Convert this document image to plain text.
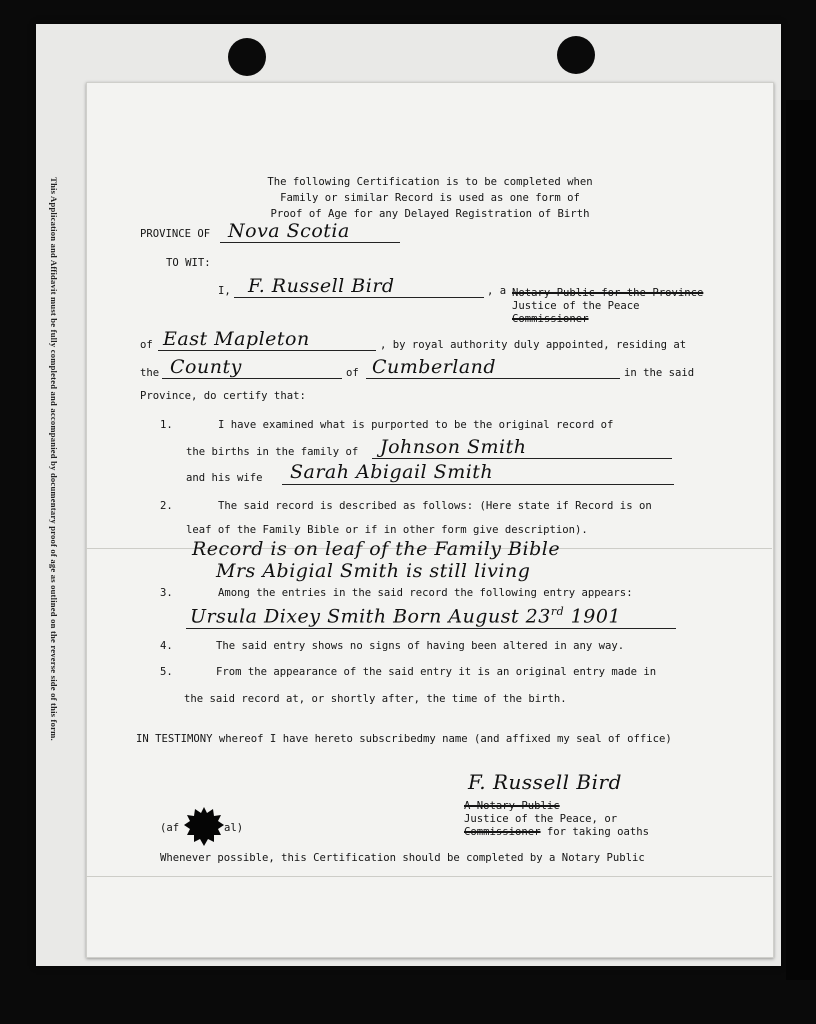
This Application and Affidavit must be fully completed and accompanied by documentary proof of age as outlined on the reverse side of this form.	The following Certification is to be completed when
Family or similar Record is used as one form of
Proof of Age for any Delayed Registration of Birth
PROVINCE OF Nova Scotia
TO WIT:
I, F. Russell Bird	, a Notary Public for the Province
Justice of the Peace
Commissioner
of East Mapleton	, by royal authority duly appointed, residing at
the County	of Cumberland	in the said
Province, do certify that:
1.	I have examined what is purported to be the original record of
the births in the family of Johnson Smith
and his wife Sarah Abigail Smith
2.	The said record is described as follows: (Here state if Record is on
leaf of the Family Bible or if in other form give description).
Record is on leaf of the Family Bible
Mrs Abigial Smith is still living
3.	Among the entries in the said record the following entry appears:
Ursula Dixey Smith Born August 23rd 1901
4.	The said entry shows no signs of having been altered in any way.
5.	From the appearance of the said entry it is an original entry made in
the said record at, or shortly after, the time of the birth.
IN TESTIMONY whereof I have hereto subscribedmy name (and affixed my seal of office)
F. Russell Bird
A Notary Public
Justice of the Peace, or
Commissioner for taking oaths
(af	al)
Whenever possible, this Certification should be completed by a Notary Public
